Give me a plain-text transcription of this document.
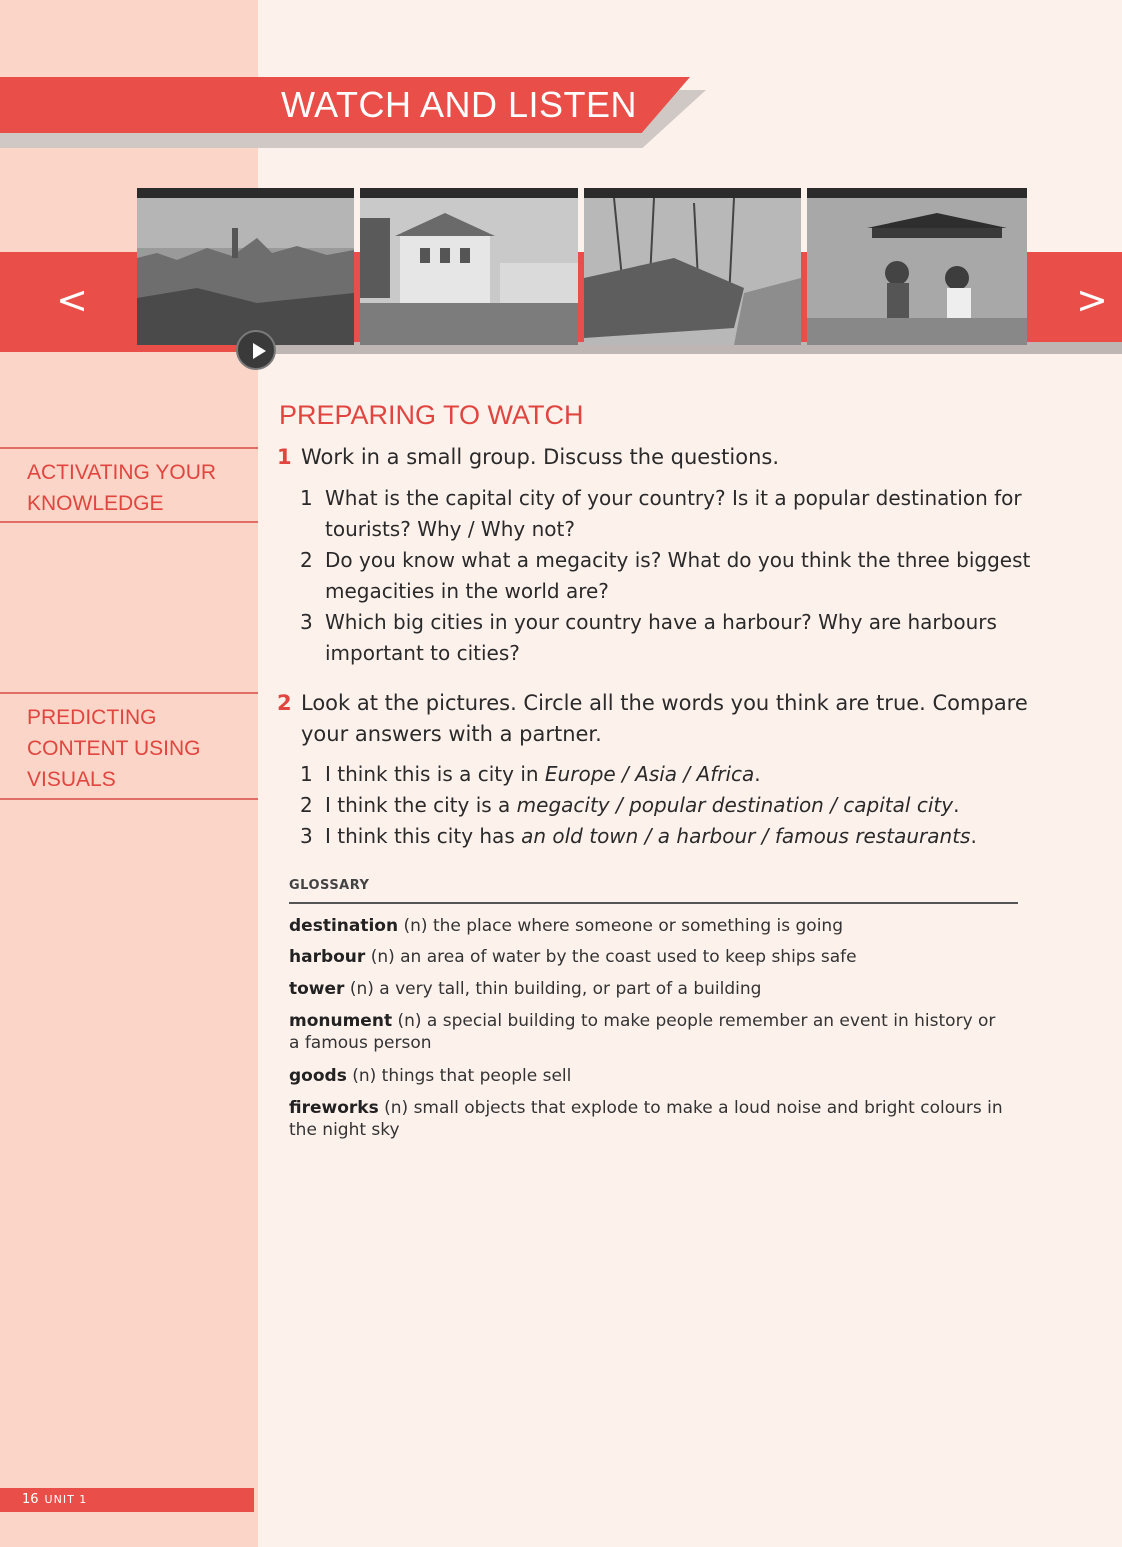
WATCH AND LISTEN
<	>
ACTIVATING YOUR
KNOWLEDGE
PREDICTING
CONTENT USING
VISUALS
PREPARING TO WATCH
1 Work in a small group. Discuss the questions.
1 What is the capital city of your country? Is it a popular destination for tourists? Why / Why not?
2 Do you know what a megacity is? What do you think the three biggest megacities in the world are?
3 Which big cities in your country have a harbour? Why are harbours important to cities?
2 Look at the pictures. Circle all the words you think are true. Compare your answers with a partner.
1 I think this is a city in Europe / Asia / Africa.
2 I think the city is a megacity / popular destination / capital city.
3 I think this city has an old town / a harbour / famous restaurants.
GLOSSARY
destination (n) the place where someone or something is going
harbour (n) an area of water by the coast used to keep ships safe
tower (n) a very tall, thin building, or part of a building
monument (n) a special building to make people remember an event in history or a famous person
goods (n) things that people sell
fireworks (n) small objects that explode to make a loud noise and bright colours in the night sky
16 UNIT 1
